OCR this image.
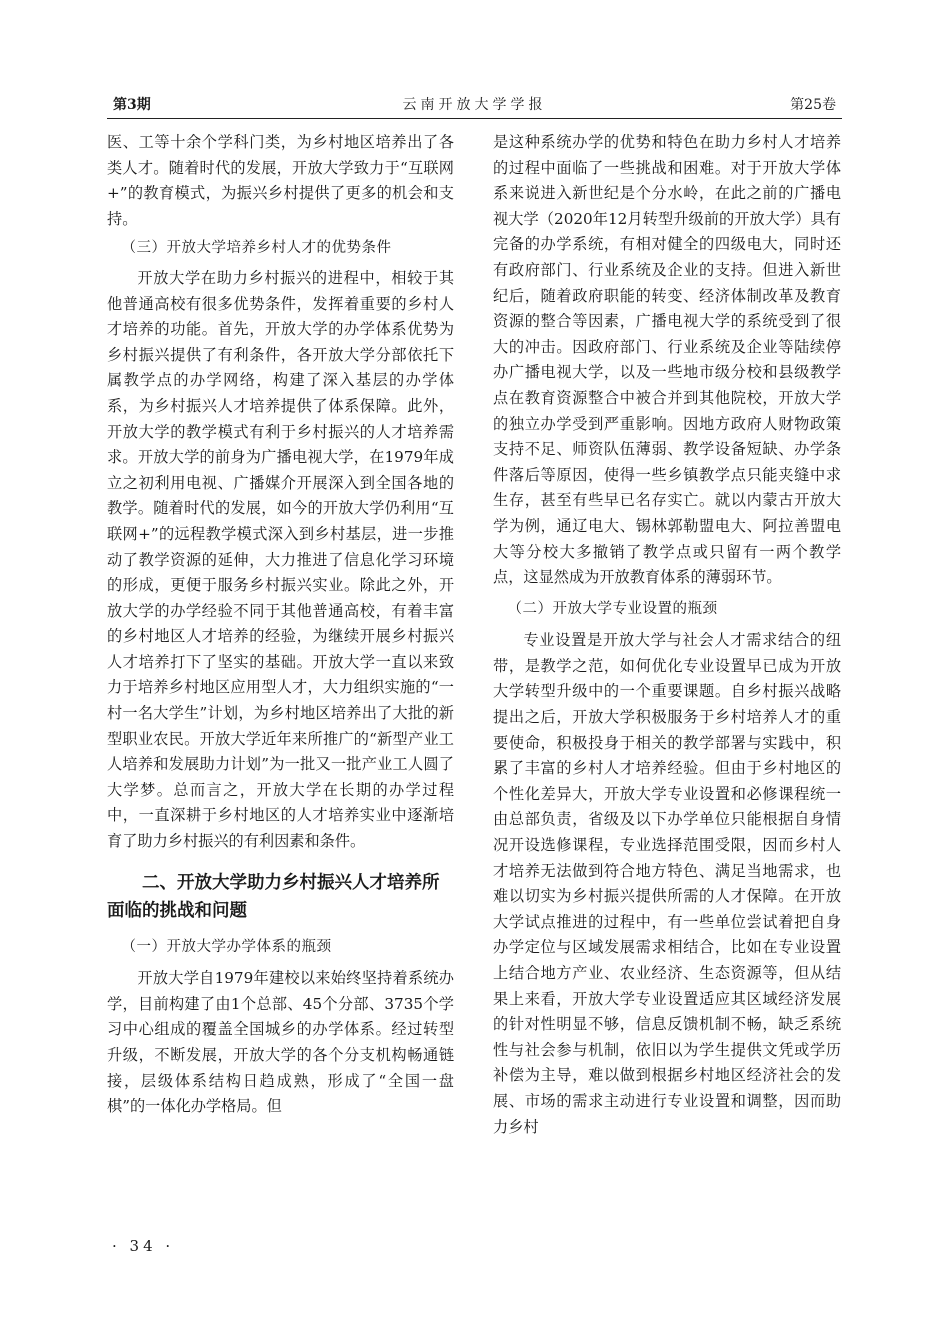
第3期	云南开放大学学报	第25卷

医、工等十余个学科门类，为乡村地区培养出了各类人才。随着时代的发展，开放大学致力于“互联网+”的教育模式，为振兴乡村提供了更多的机会和支持。

（三）开放大学培养乡村人才的优势条件

开放大学在助力乡村振兴的进程中，相较于其他普通高校有很多优势条件，发挥着重要的乡村人才培养的功能。首先，开放大学的办学体系优势为乡村振兴提供了有利条件，各开放大学分部依托下属教学点的办学网络，构建了深入基层的办学体系，为乡村振兴人才培养提供了体系保障。此外，开放大学的教学模式有利于乡村振兴的人才培养需求。开放大学的前身为广播电视大学，在1979年成立之初利用电视、广播媒介开展深入到全国各地的教学。随着时代的发展，如今的开放大学仍利用“互联网+”的远程教学模式深入到乡村基层，进一步推动了教学资源的延伸，大力推进了信息化学习环境的形成，更便于服务乡村振兴实业。除此之外，开放大学的办学经验不同于其他普通高校，有着丰富的乡村地区人才培养的经验，为继续开展乡村振兴人才培养打下了坚实的基础。开放大学一直以来致力于培养乡村地区应用型人才，大力组织实施的“一村一名大学生”计划，为乡村地区培养出了大批的新型职业农民。开放大学近年来所推广的“新型产业工人培养和发展助力计划”为一批又一批产业工人圆了大学梦。总而言之，开放大学在长期的办学过程中，一直深耕于乡村地区的人才培养实业中逐渐培育了助力乡村振兴的有利因素和条件。

二、开放大学助力乡村振兴人才培养所面临的挑战和问题
（一）开放大学办学体系的瓶颈

开放大学自1979年建校以来始终坚持着系统办学，目前构建了由1个总部、45个分部、3735个学习中心组成的覆盖全国城乡的办学体系。经过转型升级，不断发展，开放大学的各个分支机构畅通链接，层级体系结构日趋成熟，形成了“全国一盘棋”的一体化办学格局。但

是这种系统办学的优势和特色在助力乡村人才培养的过程中面临了一些挑战和困难。对于开放大学体系来说进入新世纪是个分水岭，在此之前的广播电视大学（2020年12月转型升级前的开放大学）具有完备的办学系统，有相对健全的四级电大，同时还有政府部门、行业系统及企业的支持。但进入新世纪后，随着政府职能的转变、经济体制改革及教育资源的整合等因素，广播电视大学的系统受到了很大的冲击。因政府部门、行业系统及企业等陆续停办广播电视大学，以及一些地市级分校和县级教学点在教育资源整合中被合并到其他院校，开放大学的独立办学受到严重影响。因地方政府人财物政策支持不足、师资队伍薄弱、教学设备短缺、办学条件落后等原因，使得一些乡镇教学点只能夹缝中求生存，甚至有些早已名存实亡。就以内蒙古开放大学为例，通辽电大、锡林郭勒盟电大、阿拉善盟电大等分校大多撤销了教学点或只留有一两个教学点，这显然成为开放教育体系的薄弱环节。

（二）开放大学专业设置的瓶颈

专业设置是开放大学与社会人才需求结合的纽带，是教学之范，如何优化专业设置早已成为开放大学转型升级中的一个重要课题。自乡村振兴战略提出之后，开放大学积极服务于乡村培养人才的重要使命，积极投身于相关的教学部署与实践中，积累了丰富的乡村人才培养经验。但由于乡村地区的个性化差异大，开放大学专业设置和必修课程统一由总部负责，省级及以下办学单位只能根据自身情况开设选修课程，专业选择范围受限，因而乡村人才培养无法做到符合地方特色、满足当地需求，也难以切实为乡村振兴提供所需的人才保障。在开放大学试点推进的过程中，有一些单位尝试着把自身办学定位与区域发展需求相结合，比如在专业设置上结合地方产业、农业经济、生态资源等，但从结果上来看，开放大学专业设置适应其区域经济发展的针对性明显不够，信息反馈机制不畅，缺乏系统性与社会参与机制，依旧以为学生提供文凭或学历补偿为主导，难以做到根据乡村地区经济社会的发展、市场的需求主动进行专业设置和调整，因而助力乡村

· 34 ·
